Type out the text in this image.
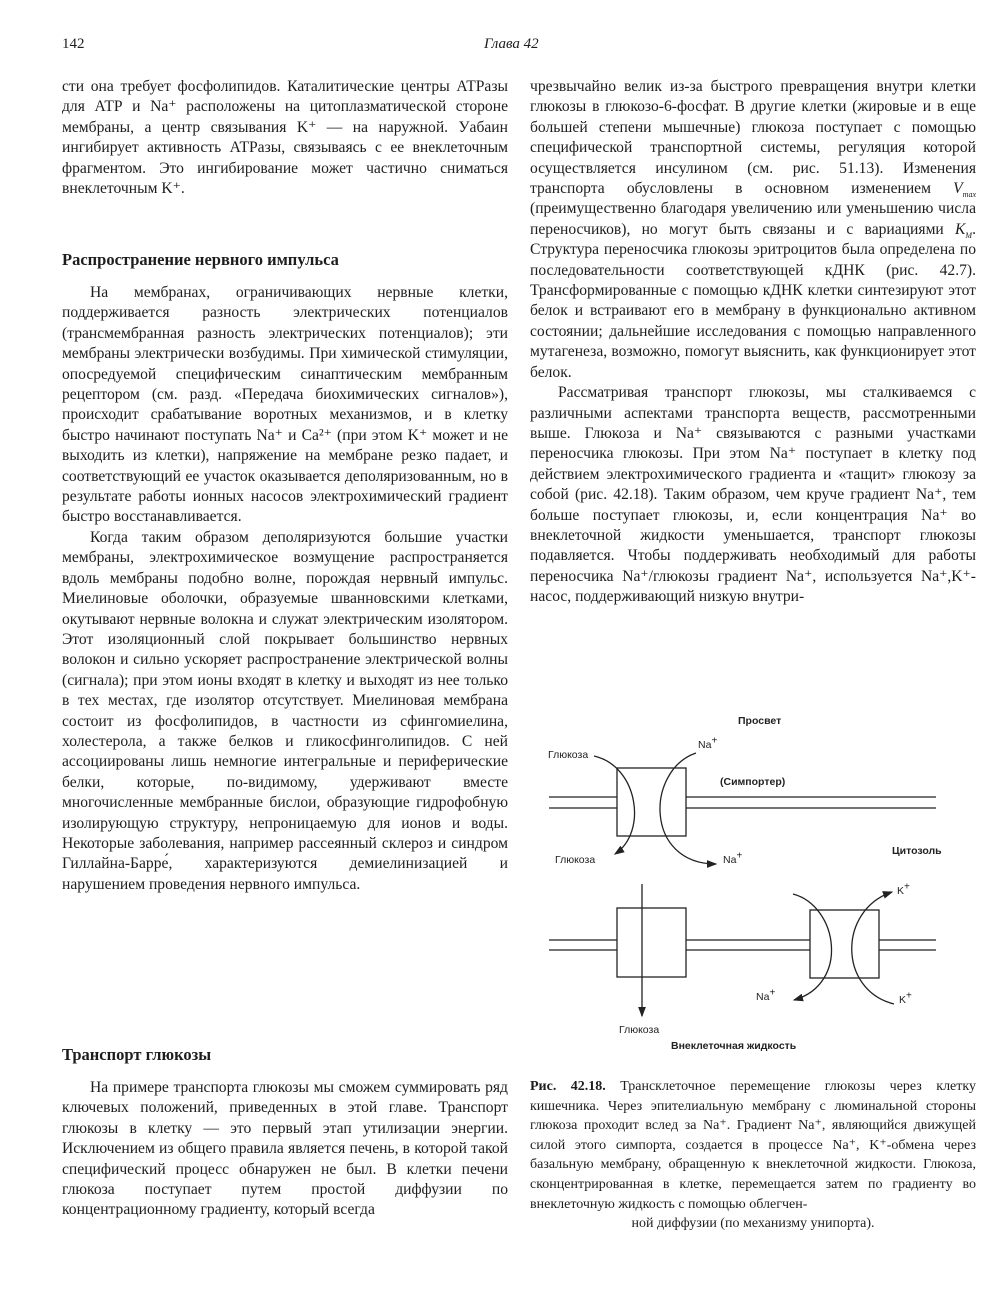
142	Глава 42

сти она требует фосфолипидов. Каталитические центры АТРазы для АТР и Na⁺ расположены на цитоплазматической стороне мембраны, а центр связывания K⁺ — на наружной. Уабаин ингибирует активность АТРазы, связываясь с ее внеклеточным фрагментом. Это ингибирование может частично сниматься внеклеточным K⁺.

Распространение нервного импульса

На мембранах, ограничивающих нервные клетки, поддерживается разность электрических потенциалов (трансмембранная разность электрических потенциалов); эти мембраны электрически возбудимы. При химической стимуляции, опосредуемой специфическим синаптическим мембранным рецептором (см. разд. «Передача биохимических сигналов»), происходит срабатывание воротных механизмов, и в клетку быстро начинают поступать Na⁺ и Ca²⁺ (при этом K⁺ может и не выходить из клетки), напряжение на мембране резко падает, и соответствующий ее участок оказывается деполяризованным, но в результате работы ионных насосов электрохимический градиент быстро восстанавливается.

Когда таким образом деполяризуются большие участки мембраны, электрохимическое возмущение распространяется вдоль мембраны подобно волне, порождая нервный импульс. Миелиновые оболочки, образуемые шванновскими клетками, окутывают нервные волокна и служат электрическим изолятором. Этот изоляционный слой покрывает большинство нервных волокон и сильно ускоряет распространение электрической волны (сигнала); при этом ионы входят в клетку и выходят из нее только в тех местах, где изолятор отсутствует. Миелиновая мембрана состоит из фосфолипидов, в частности из сфингомиелина, холестерола, а также белков и гликосфинголипидов. С ней ассоциированы лишь немногие интегральные и периферические белки, которые, по-видимому, удерживают вместе многочисленные мембранные бислои, образующие гидрофобную изолирующую структуру, непроницаемую для ионов и воды. Некоторые заболевания, например рассеянный склероз и синдром Гиллайна-Барре́, характеризуются демиелинизацией и нарушением проведения нервного импульса.

Транспорт глюкозы

На примере транспорта глюкозы мы сможем суммировать ряд ключевых положений, приведенных в этой главе. Транспорт глюкозы в клетку — это первый этап утилизации энергии. Исключением из общего правила является печень, в которой такой специфический процесс обнаружен не был. В клетки печени глюкоза поступает путем простой диффузии по концентрационному градиенту, который всегда

чрезвычайно велик из-за быстрого превращения внутри клетки глюкозы в глюкозо-6-фосфат. В другие клетки (жировые и в еще большей степени мышечные) глюкоза поступает с помощью специфической транспортной системы, регуляция которой осуществляется инсулином (см. рис. 51.13). Изменения транспорта обусловлены в основном изменением $V_{max}$ (преимущественно благодаря увеличению или уменьшению числа переносчиков), но могут быть связаны и с вариациями $K_M$. Структура переносчика глюкозы эритроцитов была определена по последовательности соответствующей кДНК (рис. 42.7). Трансформированные с помощью кДНК клетки синтезируют этот белок и встраивают его в мембрану в функционально активном состоянии; дальнейшие исследования с помощью направленного мутагенеза, возможно, помогут выяснить, как функционирует этот белок.

Рассматривая транспорт глюкозы, мы сталкиваемся с различными аспектами транспорта веществ, рассмотренными выше. Глюкоза и Na⁺ связываются с разными участками переносчика глюкозы. При этом Na⁺ поступает в клетку под действием электрохимического градиента и «тащит» глюкозу за собой (рис. 42.18). Таким образом, чем круче градиент Na⁺, тем больше поступает глюкозы, и, если концентрация Na⁺ во внеклеточной жидкости уменьшается, транспорт глюкозы подавляется. Чтобы поддерживать необходимый для работы переносчика Na⁺/глюкозы градиент Na⁺, используется Na⁺,K⁺-насос, поддерживающий низкую внутри-

Просвет
Глюкоза
Na+
(Симпортер)
Глюкоза	Na+	Цитозоль
K+
Na+
K+
Глюкоза
Внеклеточная жидкость
Рис. 42.18. Трансклеточное перемещение глюкозы через клетку кишечника. Через эпителиальную мембрану с люминальной стороны глюкоза проходит вслед за Na⁺. Градиент Na⁺, являющийся движущей силой этого симпорта, создается в процессе Na⁺, K⁺-обмена через базальную мембрану, обращенную к внеклеточной жидкости. Глюкоза, сконцентрированная в клетке, перемещается затем по градиенту во внеклеточную жидкость с помощью облегчен-
ной диффузии (по механизму унипорта).
